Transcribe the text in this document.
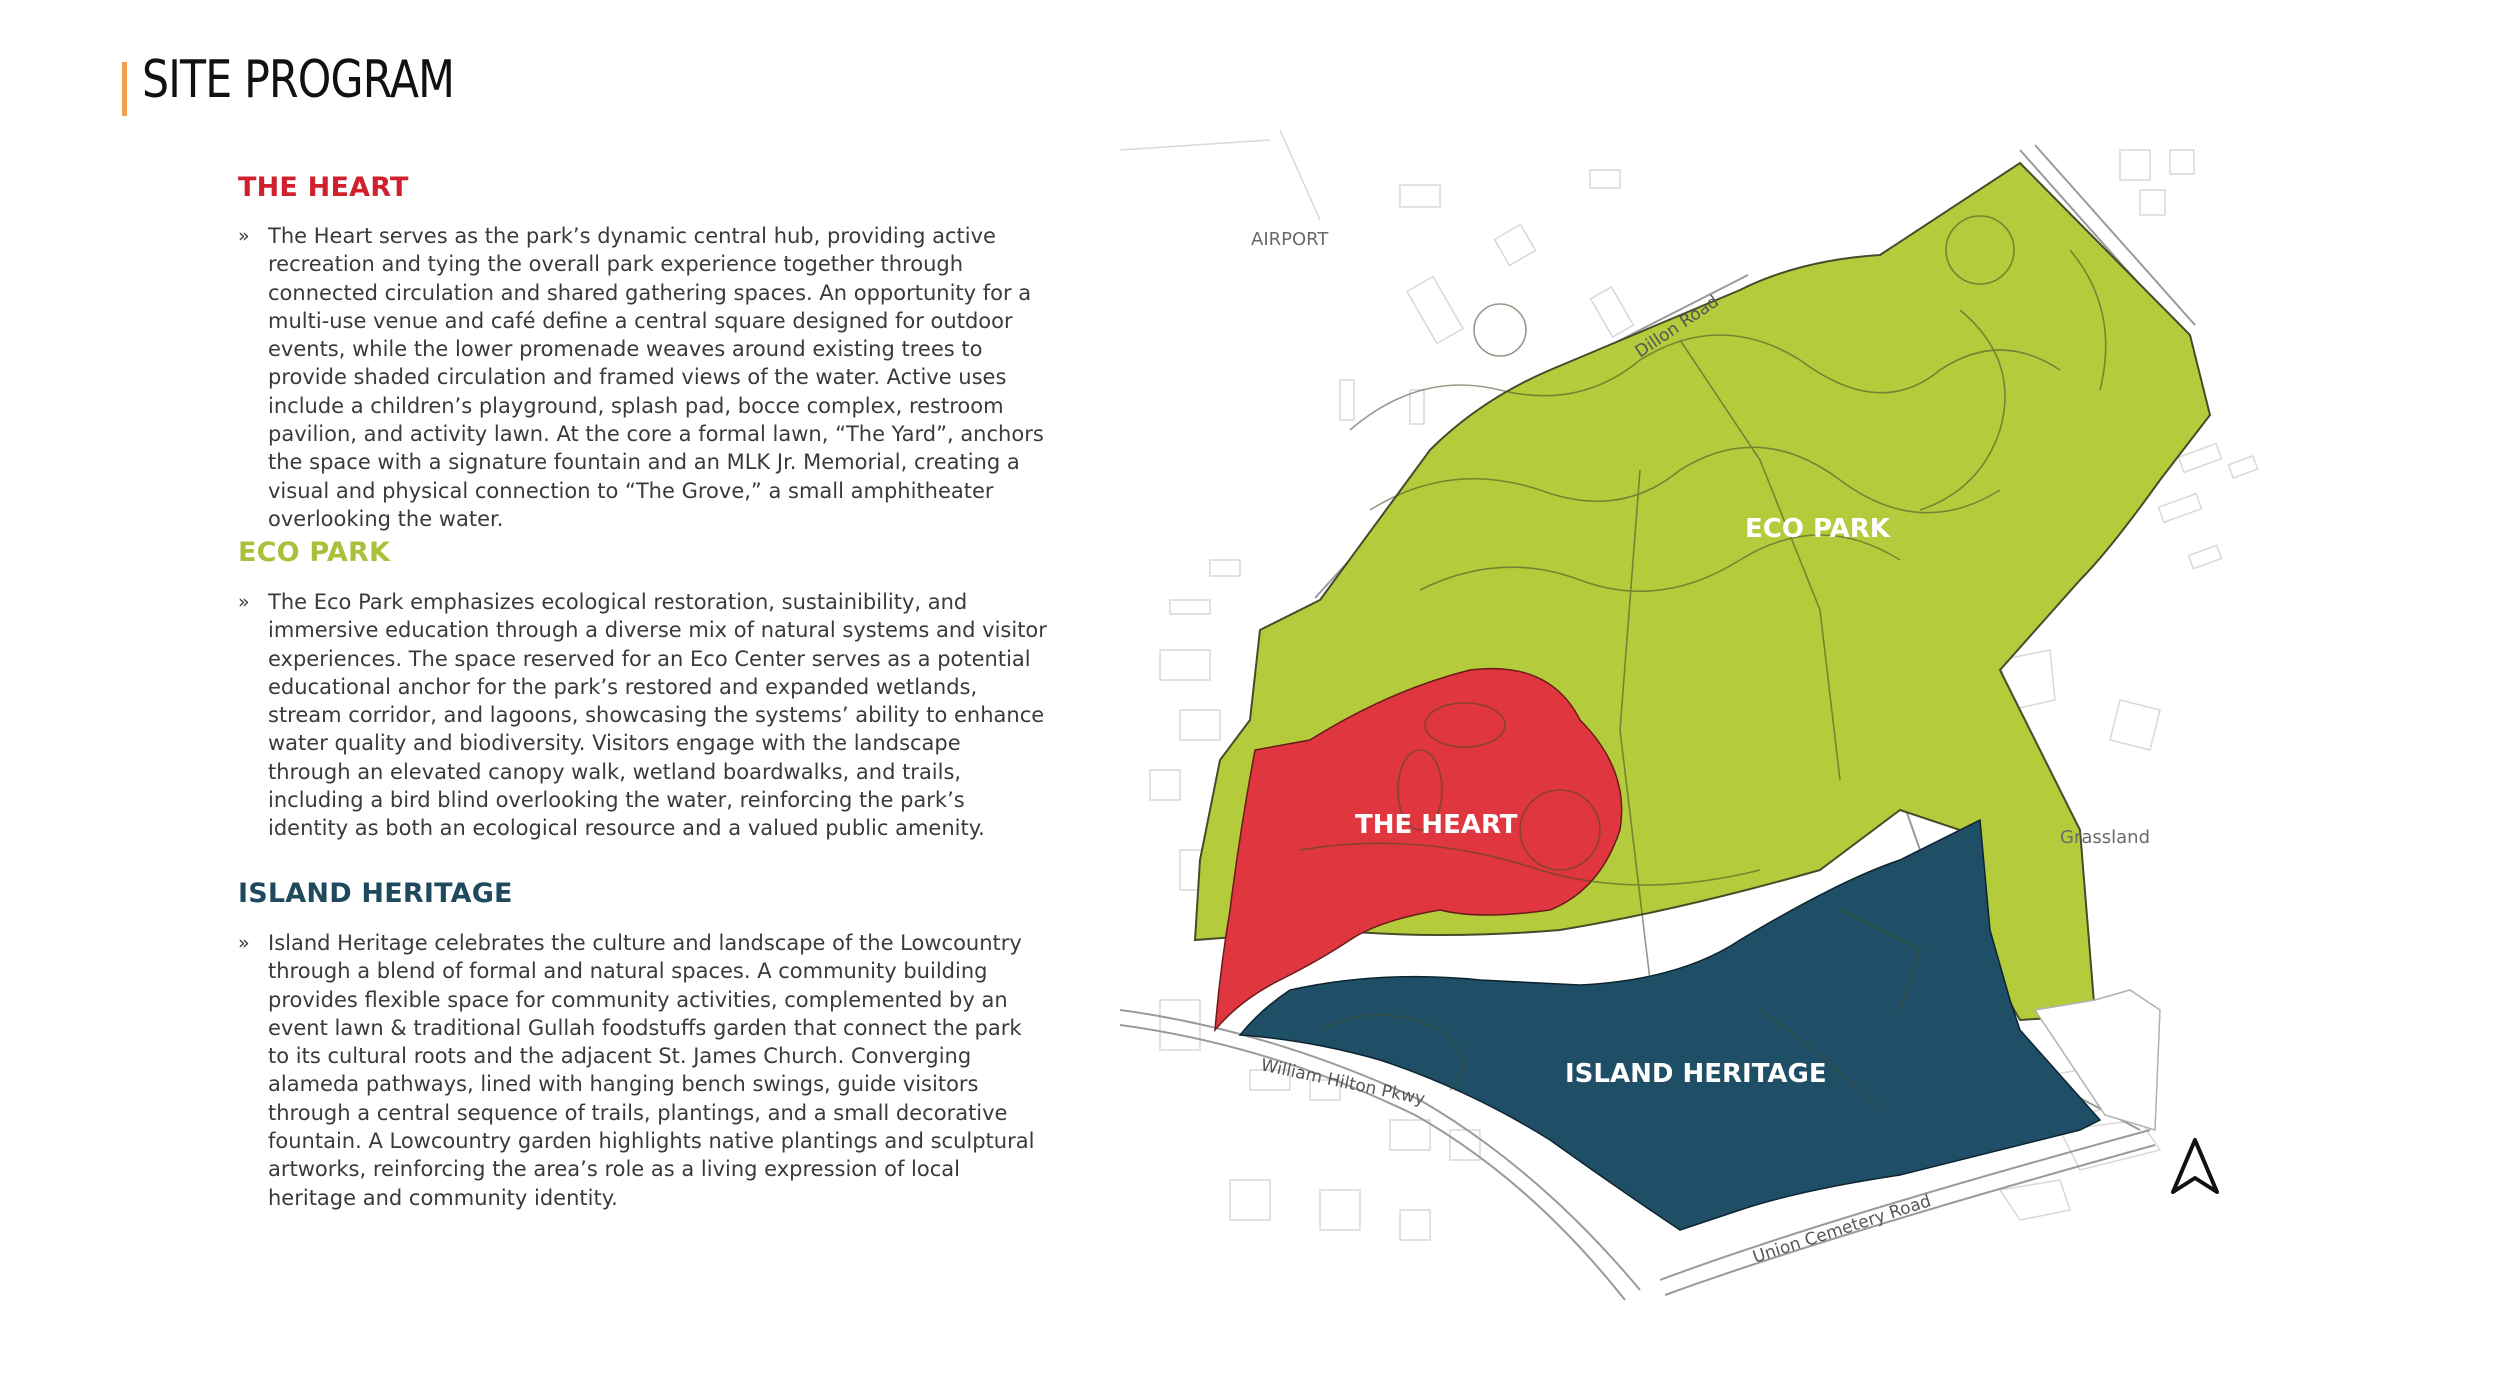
SITE PROGRAM
THE HEART
» The Heart serves as the park’s dynamic central hub, providing active recreation and tying the overall park experience together through connected circulation and shared gathering spaces. An opportunity for a multi-use venue and café define a central square designed for outdoor events, while the lower promenade weaves around existing trees to provide shaded circulation and framed views of the water. Active uses include a children’s playground, splash pad, bocce complex, restroom pavilion, and activity lawn. At the core a formal lawn, “The Yard”, anchors the space with a signature fountain and an MLK Jr. Memorial, creating a visual and physical connection to “The Grove,” a small amphitheater overlooking the water.
ECO PARK
» The Eco Park emphasizes ecological restoration, sustainibility, and immersive education through a diverse mix of natural systems and visitor experiences. The space reserved for an Eco Center serves as a potential educational anchor for the park’s restored and expanded wetlands, stream corridor, and lagoons, showcasing the systems’ ability to enhance water quality and biodiversity. Visitors engage with the landscape through an elevated canopy walk, wetland boardwalks, and trails, including a bird blind overlooking the water, reinforcing the park’s identity as both an ecological resource and a valued public amenity.
ISLAND HERITAGE
» Island Heritage celebrates the culture and landscape of the Lowcountry through a blend of formal and natural spaces. A community building provides flexible space for community activities, complemented by an event lawn & traditional Gullah foodstuffs garden that connect the park to its cultural roots and the adjacent St. James Church. Converging alameda pathways, lined with hanging bench swings, guide visitors through a central sequence of trails, plantings, and a small decorative fountain. A Lowcountry garden highlights native plantings and sculptural artworks, reinforcing the area’s role as a living expression of local heritage and community identity.
ECO PARK
THE HEART
ISLAND HERITAGE
AIRPORT
Grassland
Dillon Road
William Hilton Pkwy
Union Cemetery Road
